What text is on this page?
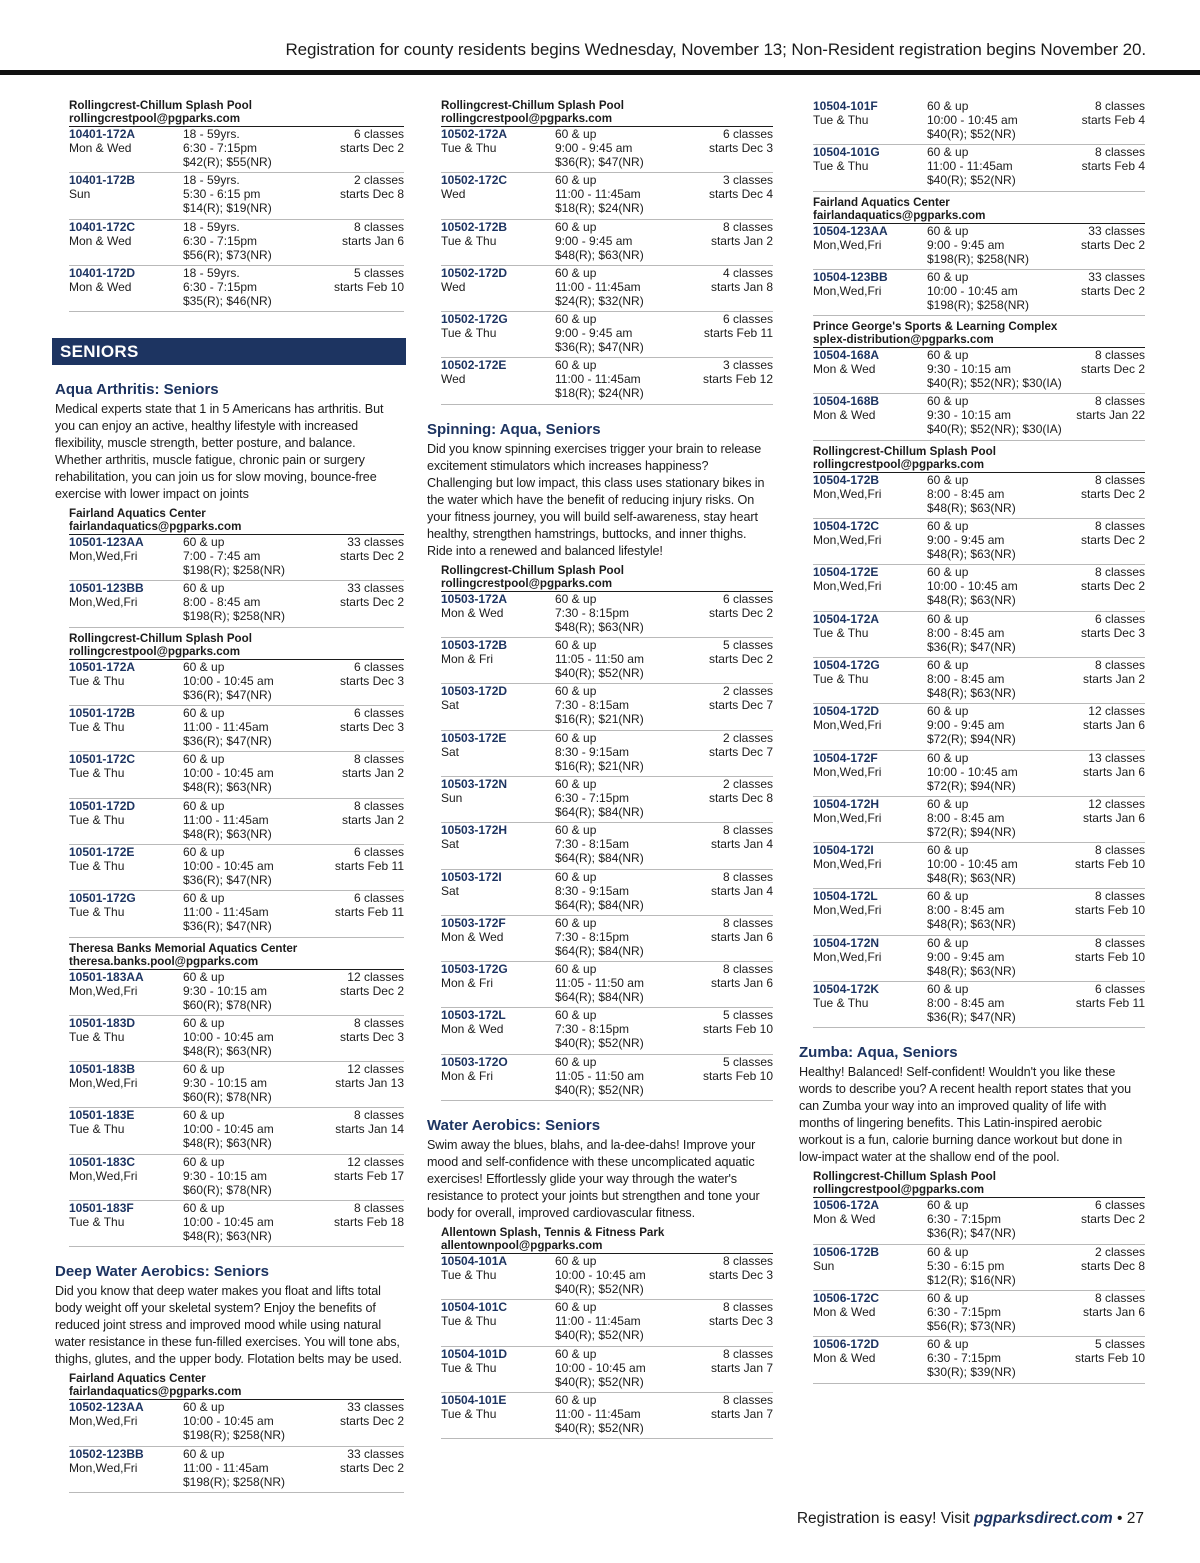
Registration for county residents begins Wednesday, November 13; Non-Resident registration begins November 20.
Rollingcrest-Chillum Splash Pool
rollingcrestpool@pgparks.com
10401-172A
Mon & Wed
18 - 59yrs.
6:30 - 7:15pm
$42(R); $55(NR)
6 classes
starts Dec 2
10401-172B
Sun
18 - 59yrs.
5:30 - 6:15 pm
$14(R); $19(NR)
2 classes
starts Dec 8
10401-172C
Mon & Wed
18 - 59yrs.
6:30 - 7:15pm
$56(R); $73(NR)
8 classes
starts Jan 6
10401-172D
Mon & Wed
18 - 59yrs.
6:30 - 7:15pm
$35(R); $46(NR)
5 classes
starts Feb 10
SENIORS
Aqua Arthritis: Seniors
Medical experts state that 1 in 5 Americans has arthritis. But you can enjoy an active, healthy lifestyle with increased flexibility, muscle strength, better posture, and balance. Whether arthritis, muscle fatigue, chronic pain or surgery rehabilitation, you can join us for slow moving, bounce-free exercise with lower impact on joints
Fairland Aquatics Center
fairlandaquatics@pgparks.com
10501-123AA
Mon,Wed,Fri
60 & up
7:00 - 7:45 am
$198(R); $258(NR)
33 classes
starts Dec 2
10501-123BB
Mon,Wed,Fri
60 & up
8:00 - 8:45 am
$198(R); $258(NR)
33 classes
starts Dec 2
Rollingcrest-Chillum Splash Pool
rollingcrestpool@pgparks.com
10501-172A
Tue & Thu
60 & up
10:00 - 10:45 am
$36(R); $47(NR)
6 classes
starts Dec 3
10501-172B
Tue & Thu
60 & up
11:00 - 11:45am
$36(R); $47(NR)
6 classes
starts Dec 3
10501-172C
Tue & Thu
60 & up
10:00 - 10:45 am
$48(R); $63(NR)
8 classes
starts Jan 2
10501-172D
Tue & Thu
60 & up
11:00 - 11:45am
$48(R); $63(NR)
8 classes
starts Jan 2
10501-172E
Tue & Thu
60 & up
10:00 - 10:45 am
$36(R); $47(NR)
6 classes
starts Feb 11
10501-172G
Tue & Thu
60 & up
11:00 - 11:45am
$36(R); $47(NR)
6 classes
starts Feb 11
Theresa Banks Memorial Aquatics Center
theresa.banks.pool@pgparks.com
10501-183AA
Mon,Wed,Fri
60 & up
9:30 - 10:15 am
$60(R); $78(NR)
12 classes
starts Dec 2
10501-183D
Tue & Thu
60 & up
10:00 - 10:45 am
$48(R); $63(NR)
8 classes
starts Dec 3
10501-183B
Mon,Wed,Fri
60 & up
9:30 - 10:15 am
$60(R); $78(NR)
12 classes
starts Jan 13
10501-183E
Tue & Thu
60 & up
10:00 - 10:45 am
$48(R); $63(NR)
8 classes
starts Jan 14
10501-183C
Mon,Wed,Fri
60 & up
9:30 - 10:15 am
$60(R); $78(NR)
12 classes
starts Feb 17
10501-183F
Tue & Thu
60 & up
10:00 - 10:45 am
$48(R); $63(NR)
8 classes
starts Feb 18
Deep Water Aerobics: Seniors
Did you know that deep water makes you float and lifts total body weight off your skeletal system? Enjoy the benefits of reduced joint stress and improved mood while using natural water resistance in these fun-filled exercises. You will tone abs, thighs, glutes, and the upper body. Flotation belts may be used.
Fairland Aquatics Center
fairlandaquatics@pgparks.com
10502-123AA
Mon,Wed,Fri
60 & up
10:00 - 10:45 am
$198(R); $258(NR)
33 classes
starts Dec 2
10502-123BB
Mon,Wed,Fri
60 & up
11:00 - 11:45am
$198(R); $258(NR)
33 classes
starts Dec 2
Rollingcrest-Chillum Splash Pool
rollingcrestpool@pgparks.com
10502-172A
Tue & Thu
60 & up
9:00 - 9:45 am
$36(R); $47(NR)
6 classes
starts Dec 3
10502-172C
Wed
60 & up
11:00 - 11:45am
$18(R); $24(NR)
3 classes
starts Dec 4
10502-172B
Tue & Thu
60 & up
9:00 - 9:45 am
$48(R); $63(NR)
8 classes
starts Jan 2
10502-172D
Wed
60 & up
11:00 - 11:45am
$24(R); $32(NR)
4 classes
starts Jan 8
10502-172G
Tue & Thu
60 & up
9:00 - 9:45 am
$36(R); $47(NR)
6 classes
starts Feb 11
10502-172E
Wed
60 & up
11:00 - 11:45am
$18(R); $24(NR)
3 classes
starts Feb 12
Spinning: Aqua, Seniors
Did you know spinning exercises trigger your brain to release excitement stimulators which increases happiness? Challenging but low impact, this class uses stationary bikes in the water which have the benefit of reducing injury risks. On your fitness journey, you will build self-awareness, stay heart healthy, strengthen hamstrings, buttocks, and inner thighs. Ride into a renewed and balanced lifestyle!
Rollingcrest-Chillum Splash Pool
rollingcrestpool@pgparks.com
10503-172A
Mon & Wed
60 & up
7:30 - 8:15pm
$48(R); $63(NR)
6 classes
starts Dec 2
10503-172B
Mon & Fri
60 & up
11:05 - 11:50 am
$40(R); $52(NR)
5 classes
starts Dec 2
10503-172D
Sat
60 & up
7:30 - 8:15am
$16(R); $21(NR)
2 classes
starts Dec 7
10503-172E
Sat
60 & up
8:30 - 9:15am
$16(R); $21(NR)
2 classes
starts Dec 7
10503-172N
Sun
60 & up
6:30 - 7:15pm
$64(R); $84(NR)
2 classes
starts Dec 8
10503-172H
Sat
60 & up
7:30 - 8:15am
$64(R); $84(NR)
8 classes
starts Jan 4
10503-172I
Sat
60 & up
8:30 - 9:15am
$64(R); $84(NR)
8 classes
starts Jan 4
10503-172F
Mon & Wed
60 & up
7:30 - 8:15pm
$64(R); $84(NR)
8 classes
starts Jan 6
10503-172G
Mon & Fri
60 & up
11:05 - 11:50 am
$64(R); $84(NR)
8 classes
starts Jan 6
10503-172L
Mon & Wed
60 & up
7:30 - 8:15pm
$40(R); $52(NR)
5 classes
starts Feb 10
10503-172O
Mon & Fri
60 & up
11:05 - 11:50 am
$40(R); $52(NR)
5 classes
starts Feb 10
Water Aerobics: Seniors
Swim away the blues, blahs, and la-dee-dahs! Improve your mood and self-confidence with these uncomplicated aquatic exercises! Effortlessly glide your way through the water's resistance to protect your joints but strengthen and tone your body for overall, improved cardiovascular fitness.
Allentown Splash, Tennis & Fitness Park
allentownpool@pgparks.com
10504-101A
Tue & Thu
60 & up
10:00 - 10:45 am
$40(R); $52(NR)
8 classes
starts Dec 3
10504-101C
Tue & Thu
60 & up
11:00 - 11:45am
$40(R); $52(NR)
8 classes
starts Dec 3
10504-101D
Tue & Thu
60 & up
10:00 - 10:45 am
$40(R); $52(NR)
8 classes
starts Jan 7
10504-101E
Tue & Thu
60 & up
11:00 - 11:45am
$40(R); $52(NR)
8 classes
starts Jan 7
10504-101F
Tue & Thu
60 & up
10:00 - 10:45 am
$40(R); $52(NR)
8 classes
starts Feb 4
10504-101G
Tue & Thu
60 & up
11:00 - 11:45am
$40(R); $52(NR)
8 classes
starts Feb 4
Fairland Aquatics Center
fairlandaquatics@pgparks.com
10504-123AA
Mon,Wed,Fri
60 & up
9:00 - 9:45 am
$198(R); $258(NR)
33 classes
starts Dec 2
10504-123BB
Mon,Wed,Fri
60 & up
10:00 - 10:45 am
$198(R); $258(NR)
33 classes
starts Dec 2
Prince George's Sports & Learning Complex
splex-distribution@pgparks.com
10504-168A
Mon & Wed
60 & up
9:30 - 10:15 am
$40(R); $52(NR); $30(IA)
8 classes
starts Dec 2
10504-168B
Mon & Wed
60 & up
9:30 - 10:15 am
$40(R); $52(NR); $30(IA)
8 classes
starts Jan 22
Rollingcrest-Chillum Splash Pool
rollingcrestpool@pgparks.com
10504-172B
Mon,Wed,Fri
60 & up
8:00 - 8:45 am
$48(R); $63(NR)
8 classes
starts Dec 2
10504-172C
Mon,Wed,Fri
60 & up
9:00 - 9:45 am
$48(R); $63(NR)
8 classes
starts Dec 2
10504-172E
Mon,Wed,Fri
60 & up
10:00 - 10:45 am
$48(R); $63(NR)
8 classes
starts Dec 2
10504-172A
Tue & Thu
60 & up
8:00 - 8:45 am
$36(R); $47(NR)
6 classes
starts Dec 3
10504-172G
Tue & Thu
60 & up
8:00 - 8:45 am
$48(R); $63(NR)
8 classes
starts Jan 2
10504-172D
Mon,Wed,Fri
60 & up
9:00 - 9:45 am
$72(R); $94(NR)
12 classes
starts Jan 6
10504-172F
Mon,Wed,Fri
60 & up
10:00 - 10:45 am
$72(R); $94(NR)
13 classes
starts Jan 6
10504-172H
Mon,Wed,Fri
60 & up
8:00 - 8:45 am
$72(R); $94(NR)
12 classes
starts Jan 6
10504-172I
Mon,Wed,Fri
60 & up
10:00 - 10:45 am
$48(R); $63(NR)
8 classes
starts Feb 10
10504-172L
Mon,Wed,Fri
60 & up
8:00 - 8:45 am
$48(R); $63(NR)
8 classes
starts Feb 10
10504-172N
Mon,Wed,Fri
60 & up
9:00 - 9:45 am
$48(R); $63(NR)
8 classes
starts Feb 10
10504-172K
Tue & Thu
60 & up
8:00 - 8:45 am
$36(R); $47(NR)
6 classes
starts Feb 11
Zumba: Aqua, Seniors
Healthy! Balanced! Self-confident! Wouldn't you like these words to describe you? A recent health report states that you can Zumba your way into an improved quality of life with months of lingering benefits. This Latin-inspired aerobic workout is a fun, calorie burning dance workout but done in low-impact water at the shallow end of the pool.
Rollingcrest-Chillum Splash Pool
rollingcrestpool@pgparks.com
10506-172A
Mon & Wed
60 & up
6:30 - 7:15pm
$36(R); $47(NR)
6 classes
starts Dec 2
10506-172B
Sun
60 & up
5:30 - 6:15 pm
$12(R); $16(NR)
2 classes
starts Dec 8
10506-172C
Mon & Wed
60 & up
6:30 - 7:15pm
$56(R); $73(NR)
8 classes
starts Jan 6
10506-172D
Mon & Wed
60 & up
6:30 - 7:15pm
$30(R); $39(NR)
5 classes
starts Feb 10
Registration is easy! Visit pgparksdirect.com • 27
